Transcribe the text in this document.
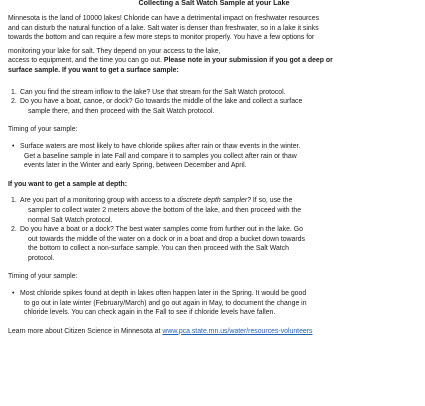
Collecting a Salt Watch Sample at your Lake

Minnesota is the land of 10000 lakes! Chloride can have a detrimental impact on freshwater resources
and can disturb the natural function of a lake. Salt water is denser than freshwater, so in a lake it sinks
towards the bottom and can require a few more steps to monitor properly. You have a few options for

monitoring your lake for salt. They depend on your access to the lake,
access to equipment, and the time you can go out. Please note in your submission if you got a deep or
surface sample. If you want to get a surface sample:

1. Can you find the stream inflow to the lake? Use that stream for the Salt Watch protocol.
2. Do you have a boat, canoe, or dock? Go towards the middle of the lake and collect a surface
sample there, and then proceed with the Salt Watch protocol.

Timing of your sample:

• Surface waters are most likely to have chloride spikes after rain or thaw events in the winter.
Get a baseline sample in late Fall and compare it to samples you collect after rain or thaw
events later in the Winter and early Spring, between December and April.

If you want to get a sample at depth:

1. Are you part of a monitoring group with access to a discrete depth sampler? If so, use the
sampler to collect water 2 meters above the bottom of the lake, and then proceed with the
normal Salt Watch protocol.
2. Do you have a boat or a dock? The best water samples come from further out in the lake. Go
out towards the middle of the water on a dock or in a boat and drop a bucket down towards
the bottom to collect a non-surface sample. You can then proceed with the Salt Watch
protocol.

Timing of your sample:

• Most chloride spikes found at depth in lakes often happen later in the Spring. It would be good
to go out in late winter (February/March) and go out again in May, to document the change in
chloride levels. You can check again in the Fall to see if chloride levels have fallen.

Learn more about Citizen Science in Minnesota at www.pca.state.mn.us/water/resources-volunteers
